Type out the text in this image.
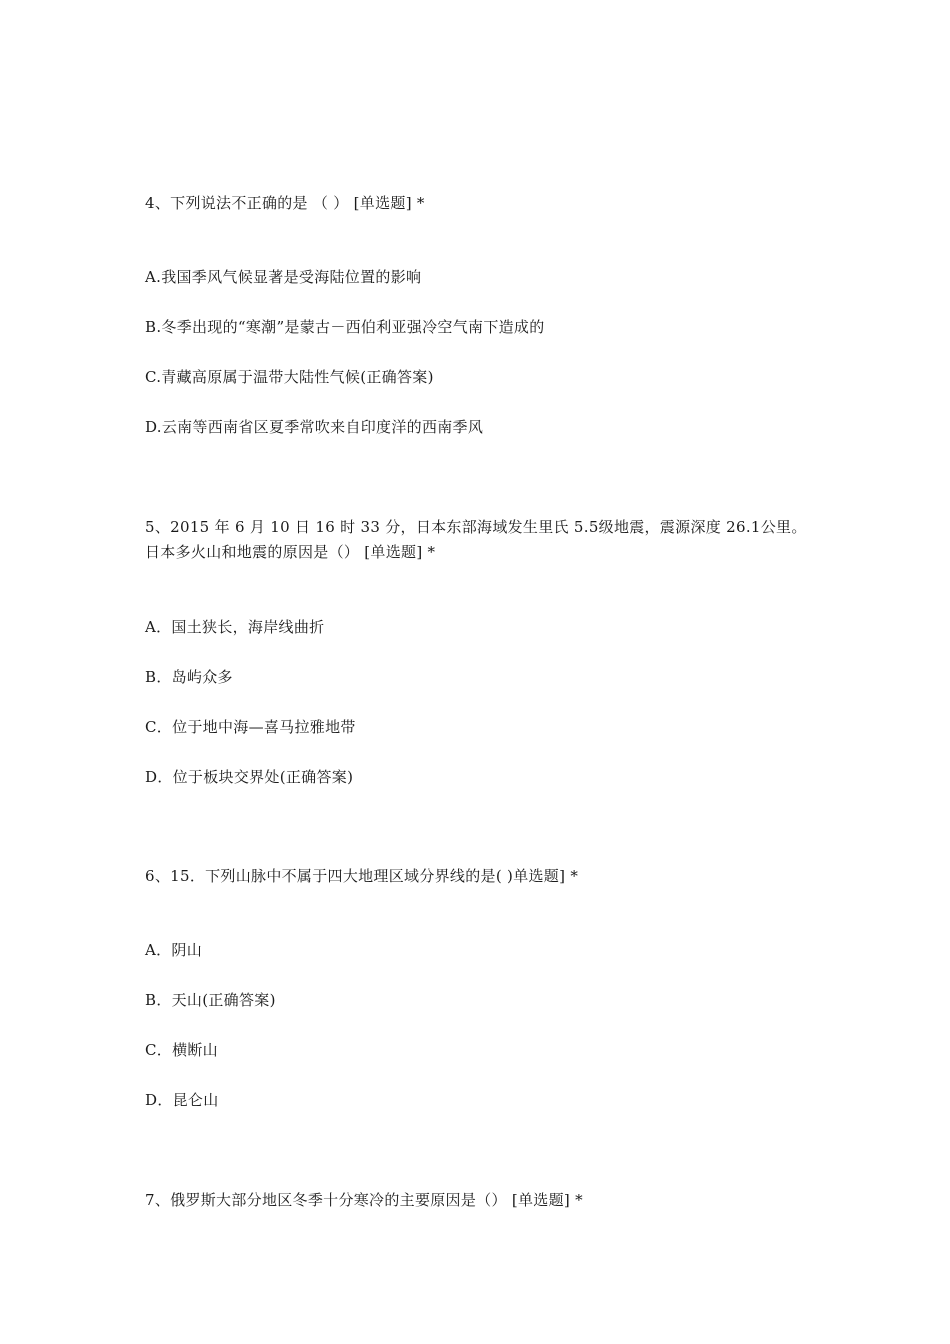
4、下列说法不正确的是 （ ） [单选题] *
A.我国季风气候显著是受海陆位置的影响
B.冬季出现的“寒潮”是蒙古－西伯利亚强冷空气南下造成的
C.青藏高原属于温带大陆性气候(正确答案)
D.云南等西南省区夏季常吹来自印度洋的西南季风
5、2015 年 6 月 10 日 16 时 33 分，日本东部海域发生里氏 5.5级地震，震源深度 26.1公里。
日本多火山和地震的原因是（） [单选题] *
A．国土狭长，海岸线曲折
B．岛屿众多
C．位于地中海—喜马拉雅地带
D．位于板块交界处(正确答案)
6、15．下列山脉中不属于四大地理区域分界线的是( )单选题] *
A．阴山
B．天山(正确答案)
C．横断山
D．昆仑山
7、俄罗斯大部分地区冬季十分寒冷的主要原因是（） [单选题] *
